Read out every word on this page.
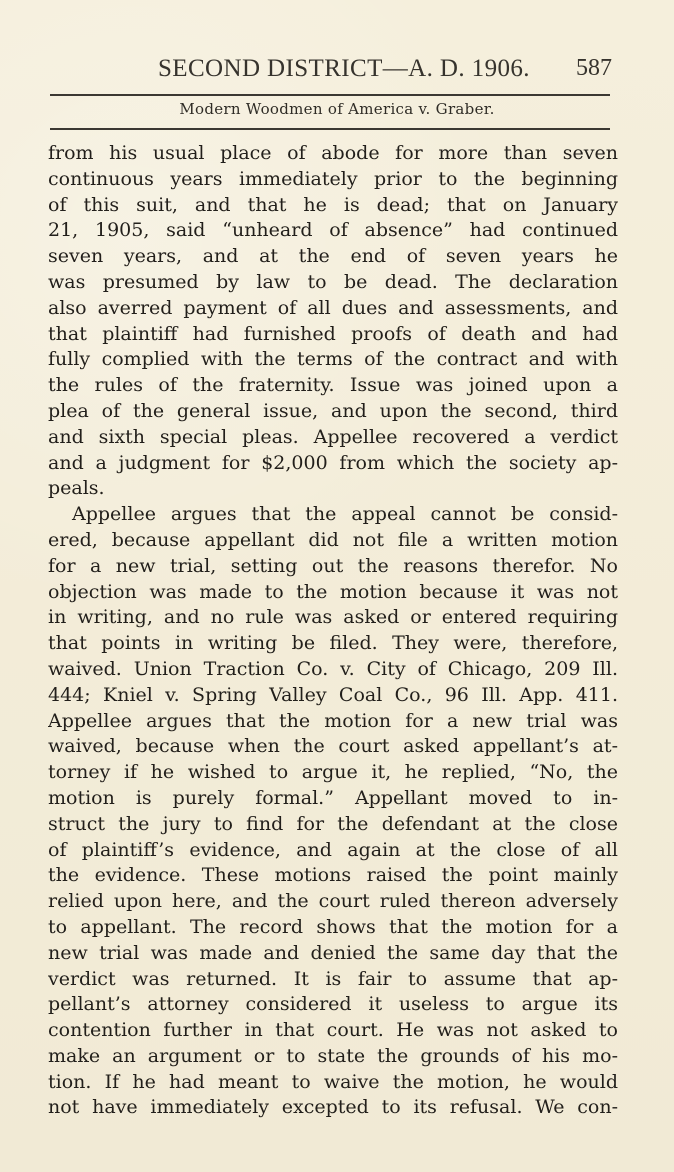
SECOND DISTRICT—A. D. 1906. 587
Modern Woodmen of America v. Graber.
from his usual place of abode for more than seven
continuous years immediately prior to the beginning
of this suit, and that he is dead; that on January
21, 1905, said “unheard of absence” had continued
seven years, and at the end of seven years he
was presumed by law to be dead. The declaration
also averred payment of all dues and assessments, and
that plaintiff had furnished proofs of death and had
fully complied with the terms of the contract and with
the rules of the fraternity. Issue was joined upon a
plea of the general issue, and upon the second, third
and sixth special pleas. Appellee recovered a verdict
and a judgment for $2,000 from which the society ap-
peals.
Appellee argues that the appeal cannot be consid-
ered, because appellant did not file a written motion
for a new trial, setting out the reasons therefor. No
objection was made to the motion because it was not
in writing, and no rule was asked or entered requiring
that points in writing be filed. They were, therefore,
waived. Union Traction Co. v. City of Chicago, 209 Ill.
444; Kniel v. Spring Valley Coal Co., 96 Ill. App. 411.
Appellee argues that the motion for a new trial was
waived, because when the court asked appellant’s at-
torney if he wished to argue it, he replied, “No, the
motion is purely formal.” Appellant moved to in-
struct the jury to find for the defendant at the close
of plaintiff’s evidence, and again at the close of all
the evidence. These motions raised the point mainly
relied upon here, and the court ruled thereon adversely
to appellant. The record shows that the motion for a
new trial was made and denied the same day that the
verdict was returned. It is fair to assume that ap-
pellant’s attorney considered it useless to argue its
contention further in that court. He was not asked to
make an argument or to state the grounds of his mo-
tion. If he had meant to waive the motion, he would
not have immediately excepted to its refusal. We con-
